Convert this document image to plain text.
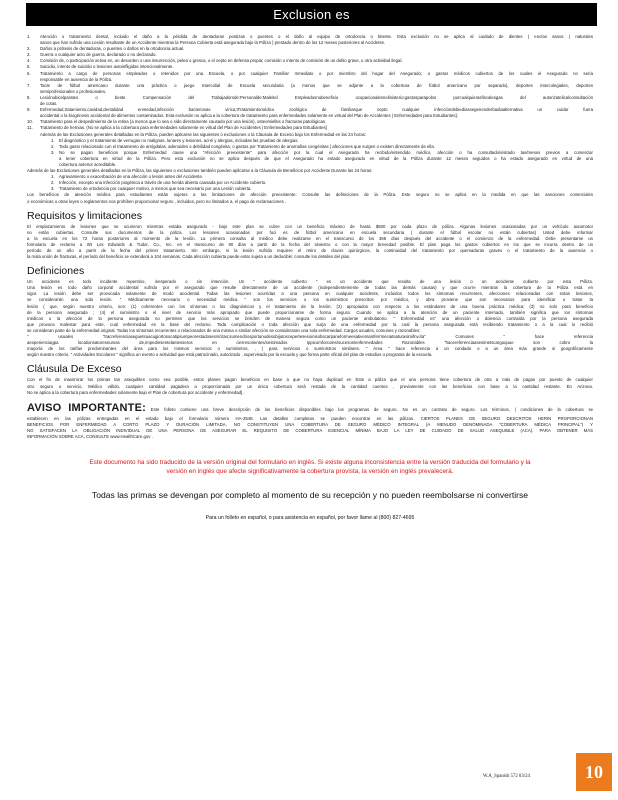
Exclusion es
1. Atención o tratamiento dental, incluido el daño a la pérdida de dentaduras postizas o puentes o el daño al equipo de ortodoncia o bitente. Esta exclusión no se aplica al cuidado de dientes ( encías sanos ) naturales
sanos que han sufrido una Lesión resultante de un Accidente mientras la Persona Cubierta está asegurada bajo la Póliza ) prestado dentro de los 12 meses posteriores al Accidente.
2. Daños a prótesis de dentaduras, o puentes o daños en la ortodoncia actual.
3. Guerra o cualquier acto de guerra, declarado o no declarado.
4. Comisión de, o participación activa en, un desorden o una insurrección, pelea o gresca, o el cepto en defensa propia; comisión o intento de comisión de un delito grave, u otra actividad ilegal.
5. Suicidio, intento de suicidio o lesiones autoinfligidas intencionalmente.
6. Tratamiento a cargo de personas empleados o retenidos por una Escuela, o por cualquier Familiar Inmediato o por miembro del hogar del Asegurado; o gastos médicos cubiertos de los cuales el Asegurado no sería
responsable en ausencia de la Póliza.
7. Tacle de fútbol americano durante una práctica o juego Intercolial de Escuela secundaria (a menos que se adjunte a la cobertura de fútbol americano por separado), deportes intercolegiales, deportes
semiprofesionales o profesionales.
8. Lesiónubicelparates o beste Compensación del Trabajadorsde:Personalde:Maleitel Empleadosnubeneficio ocupacionalesnelinisterio:gastosparapolos porcualquierasfiscalesgas del autorizatelicalconsultación
de cotas.
9. Enfermedad,tratamiento,cavidad,dentalidad enmedad,infección bacteriosas virica,tTratamientomédico zoológico de familiarque cepto cualquier infeccióndebiediassegenenderbadiaalternativa un cuidar fuera
accidental o la biogénesis accidental de alimentos contaminados. Esta exclusión no aplica a la cobertura de tratamiento para enfermedades solamente en virtual del Plan de Accidentes | Enfermedades para Estudiantes].
10. Tratamiento para el despedimiento de la retina (a menos que lo sea o sido directamente causado por una lesión), osteomielitis o fracturas patológicas.
11. Tratamiento de hernias. (No se aplica a la cobertura para enfermedades solamente en virtud del Plan de Accidentes | Enfermedades para Estudiantes]
Además de las Exclusiones generales detalladas en la Póliza, pueden aplicarse las siguientes o exclusiones o la Cláusula de Exceso bajo los Enfermedad en las 24 horas:
1. El diagnóstico y el tratamiento de verrugas no malignas, lunares y lesiones, acné y alergias, incluidas las pruebas de alergias.
2. Todo gasto relacionado con el tratamiento de amígdalas, adenoides o debilidad congénita, o gastos por Tratamiento de anomalías congénitas | afecciones que surgen o existen directamente de ella.
3. No se pagan beneficios porque Enfermedad cause una "Afección preexistente" para afección por la cual el Asegurado ha recibido/entendido médico, afección o ha consultado/visitado tas/meses previos a comenzar
a tener cobertura en virtud de la Póliza. Pero esta exclusión no se aplica después de que el Asegurado ha estado asegurado en virtud de la Póliza durante 12 meses seguidos o ha estado asegurado en virtud de una
cobertura anterior acreditable.
Además de las Exclusiones generales detalladas en la Póliza, las siguientes o exclusiones también pueden aplicarse a la Cláusula de Beneficios por Accidente Durante las 24 horas:
1. Agravamiento o exacerbación de una afección o lesión antes del Accidente.
2. Infección, excepto una infección piogénica a través de una herida abierta causada por un Accidente cubierto.
3. Tratamiento de ortodoncia por cualquier motivo, a menos que sea necesario por una Lesión cubierta.
Los beneficios de atención médica para estudiantes están sujetos a las limitaciones de afección preexistente. Consulte las definiciones de la Póliza. Este seguro no se aplica en la medida en que las sanciones comerciales
o económicas u otras leyes o reglamentos nos prohíben proporcionar seguro , incluidos, pero no limitados a, el pago de reclamaciones .
Requisitos y limitaciones
El emplazamiento de lesiones que se ocurieron mientras estaba asegurado - bajo este plan se cubre con un beneficio máximo de hasta $500 por cada plazo de póliza. Algunas lesiones ocasionadas por un vehículo automotor
no están cubiertas. Consulte sus documentos de la póliza. Los lesiones ocasionadas por fuci es de fútbol americano en escuela secundaria ( durante el fútbol escolar no están cubiertas) Usted debe informar
a la escuela en los 72 horas posteriores al momento de la lesión. La primera consulta al médico debe realizarse en el transcurso de los 365 días después del accidente o el comienzo de la enfermedad. Debe presentarse un
formulario de reclamo a Wt Los Edwards & Tudor, Co., Inc. en el transcurso de 90 días a partir de la fecha del siniestro o con la mayor brevedad posible. El plan paga los gastos cubiertos en los que se incurra dentro de un
período de un año a partir de la fecha del primer tratamiento. Sin embargo, si la lesión sufrida requiere el retiro de clavos quirúrgicos, la continuidad del tratamiento por quemaduras graves o el tratamiento de la ausencia o
la mala unión de fracturas, el período del beneficio se extenderá a 104 semanas. Cada afección cubierta puede estar sujeta a un deducible; consulte los detalles del plan.
Definiciones
Un accidente es todo incidente repentino, inesperado o sin intención. Un " accidente cubierto " es un accidente que resulta de una lesión o un accidente cubierto por esta Póliza.
Una lesión es todo daño corporal accidental sufrido por el asegurado que resulte directamente de un accidente (independientemente de todas las demás causas) y que ocurre mientras la cobertura de la Póliza está en
vigor. La lesión debe ser provocada solamente de modo accidental. Todas las lesiones ocurridas a una persona en cualquier accidente, incluidos todos los síntomas recurrentes, afecciones relacionadas con estas lesiones,
se considerarán una sola lesión. " Médicamente necesario o necesidad médica " son los servicios o los suministros prescritos por médico, y obra proviene que son necesarios para identificar o tratar la
lesión ( que, según nuestro criterio, son: (1) coherentes con los síntomas o los diagnósticos y el tratamiento de la lesión; (2) apropiados con respecto a los estándares de una buena práctica médica; (3) no solo para beneficio
de la persona asegurada ; (4) el suministro o el nivel de servicio más apropiado que puede proporcionarse de forma segura. Cuando se aplica a la atención de un paciente internado, también significa que los síntomas
médicos o la afección de la persona asegurada no permiten que los servicios se brinden de manera segura como un paciente ambulatorio. " Enfermedad es" una afección o dolencia contraída por la persona asegurada
que provoca malestar para este, cual enfermedad es la base del reclamo. Toda complicación o toda afección que surja de una enfermedad por la cual la persona asegurada está recibiendo tratamiento o a la cual lo recibió
se consideran parte de la enfermedad original. Todas los síntomas recurrentes o relacionados de una misma o similar afección se consideraran una sola enfermedad. Cargos usuales, comunes y razonables:
" usuales "tracreferenciaseguetsuacugiortosocatipsumpeorestadosesn/citas;sumendriosportunudesobijutoscepertesesionisobscarpaneformeesativemamferrmeciatsaturasimifnv.ita" Comunes " hace referencia
aexperienciagpa locationsatoresnumas de,impedimientelantesseros en cierresorientes/sestimados Ippicomforcoles/sucesos/enfermedades Razonables "hacereferenciaasesimetscargoquue son cobro la
mayoría de los tarifas predominantes del área para los mismos servicios o suministros. , ( para servicios o suministros similares. " Área " hace referencia a un condado o a un área más grande si geográficamente
según nuestro criterio. " Actividades Escolares " significa un evento o actividad que está patrocinado, autorizado , supervisado por la escuela y que forma parte oficial del plan de estudios o programa de la escuela.
Cláusula De Exceso
Con el fin de maximizar los primas tan asequibles como sea posible, estos planes pagan beneficios en base a que no haya duplicad en Este a póliza que el una persona tiene cobertura de otra a más de pagan por puesto de cualquier
otro seguro o servicio, Médico válido, cualquier cantidad pagadera a proporcionada por un única cobertura será restada de la cantidad cuentos , previamente con las beneficios con base a la cantidad restante. En Arizona.
No se aplica a la cobertura para enfermedades solamente bajo el Plan de cobertura por accidente y enfermedad] .
AVISO IMPORTANTE: Este folleto contiene una breve descripción de los beneficios disponibles bajo los programas de seguro. No es un contrato de seguro. Los términos, | condiciones de la cobertura se
establecen en las pólizas entregadas en el estado bajo el formulario número HA-2548. Las detalles completos se pueden encontrar en las pólizas. CIERTOS PLANES DE SEGURO DESCRITOS HERIN PROPORCIONAN
BENEFICIOS POR ENFERMEDAD A CORTO PLAZO Y DURACIÓN LIMITADA. NO CONSTITUYEN UNA COBERTURA DE SEGURO MÉDICO INTEGRAL (A MENUDO DENOMINADA "COBERTURA MÉDICA PRINCIPAL") Y
NO SATISFACEN LA OBLIGACIÓN INDIVIDUAL DE UNA PERSONA DE ASEGURAR EL REQUISITO DE COBERTURA ESENCIAL MÍNIMA BAJO LA LEY DE CUIDADO DE SALUD ASEQUIBLE (ACA). PARA OBTENER MÁS
INFORMACIÓN SOBRE ACA, CONSULTE www.HealthCare.gov .
Este documento ha sido traducido de la versión original del formulario en inglés. Si existe alguna inconsistencia entre la versión traducida del formulario y la
versión en inglés que afecte significativamente la cobertura provista, la versión en inglés prevalecerá.
Todas las primas se devengan por completo al momento de su recepción y no pueden reembolsarse ni convertirse
Para un folleto en español, o para asistencia en español, por favor llame al (800) 827-4695
W.A_Spanish 572 03/24	10
